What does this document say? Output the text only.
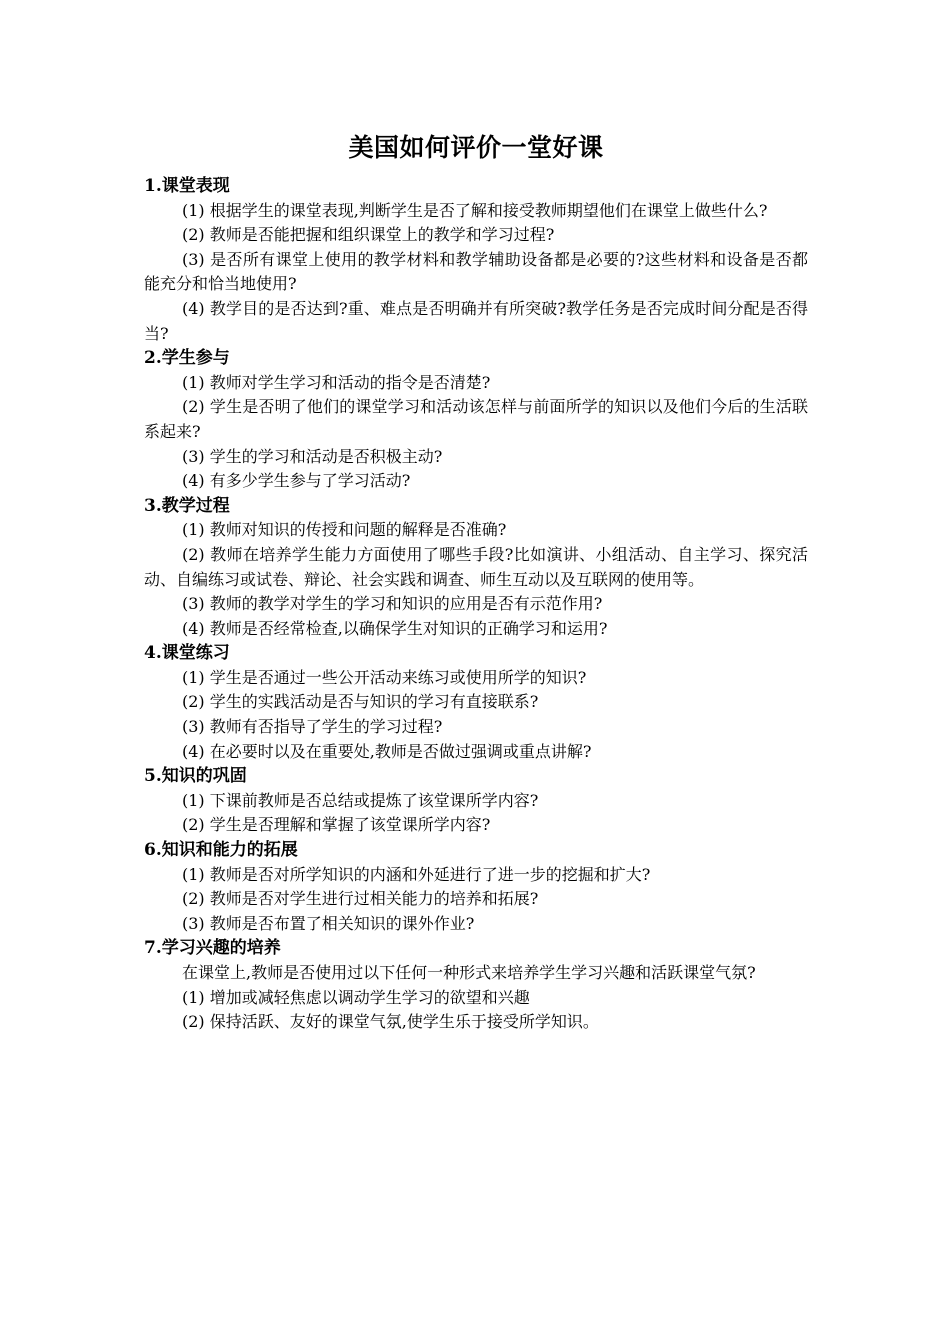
美国如何评价一堂好课
1.课堂表现
(1) 根据学生的课堂表现,判断学生是否了解和接受教师期望他们在课堂上做些什么?
(2) 教师是否能把握和组织课堂上的教学和学习过程?
(3) 是否所有课堂上使用的教学材料和教学辅助设备都是必要的?这些材料和设备是否都能充分和恰当地使用?
(4) 教学目的是否达到?重、难点是否明确并有所突破?教学任务是否完成时间分配是否得当?
2.学生参与
(1) 教师对学生学习和活动的指令是否清楚?
(2) 学生是否明了他们的课堂学习和活动该怎样与前面所学的知识以及他们今后的生活联系起来?
(3) 学生的学习和活动是否积极主动?
(4) 有多少学生参与了学习活动?
3.教学过程
(1) 教师对知识的传授和问题的解释是否准确?
(2) 教师在培养学生能力方面使用了哪些手段?比如演讲、小组活动、自主学习、探究活动、自编练习或试卷、辩论、社会实践和调查、师生互动以及互联网的使用等。
(3) 教师的教学对学生的学习和知识的应用是否有示范作用?
(4) 教师是否经常检查,以确保学生对知识的正确学习和运用?
4.课堂练习
(1) 学生是否通过一些公开活动来练习或使用所学的知识?
(2) 学生的实践活动是否与知识的学习有直接联系?
(3) 教师有否指导了学生的学习过程?
(4) 在必要时以及在重要处,教师是否做过强调或重点讲解?
5.知识的巩固
(1) 下课前教师是否总结或提炼了该堂课所学内容?
(2) 学生是否理解和掌握了该堂课所学内容?
6.知识和能力的拓展
(1) 教师是否对所学知识的内涵和外延进行了进一步的挖掘和扩大?
(2) 教师是否对学生进行过相关能力的培养和拓展?
(3) 教师是否布置了相关知识的课外作业?
7.学习兴趣的培养
在课堂上,教师是否使用过以下任何一种形式来培养学生学习兴趣和活跃课堂气氛?
(1) 增加或减轻焦虑以调动学生学习的欲望和兴趣
(2) 保持活跃、友好的课堂气氛,使学生乐于接受所学知识。
